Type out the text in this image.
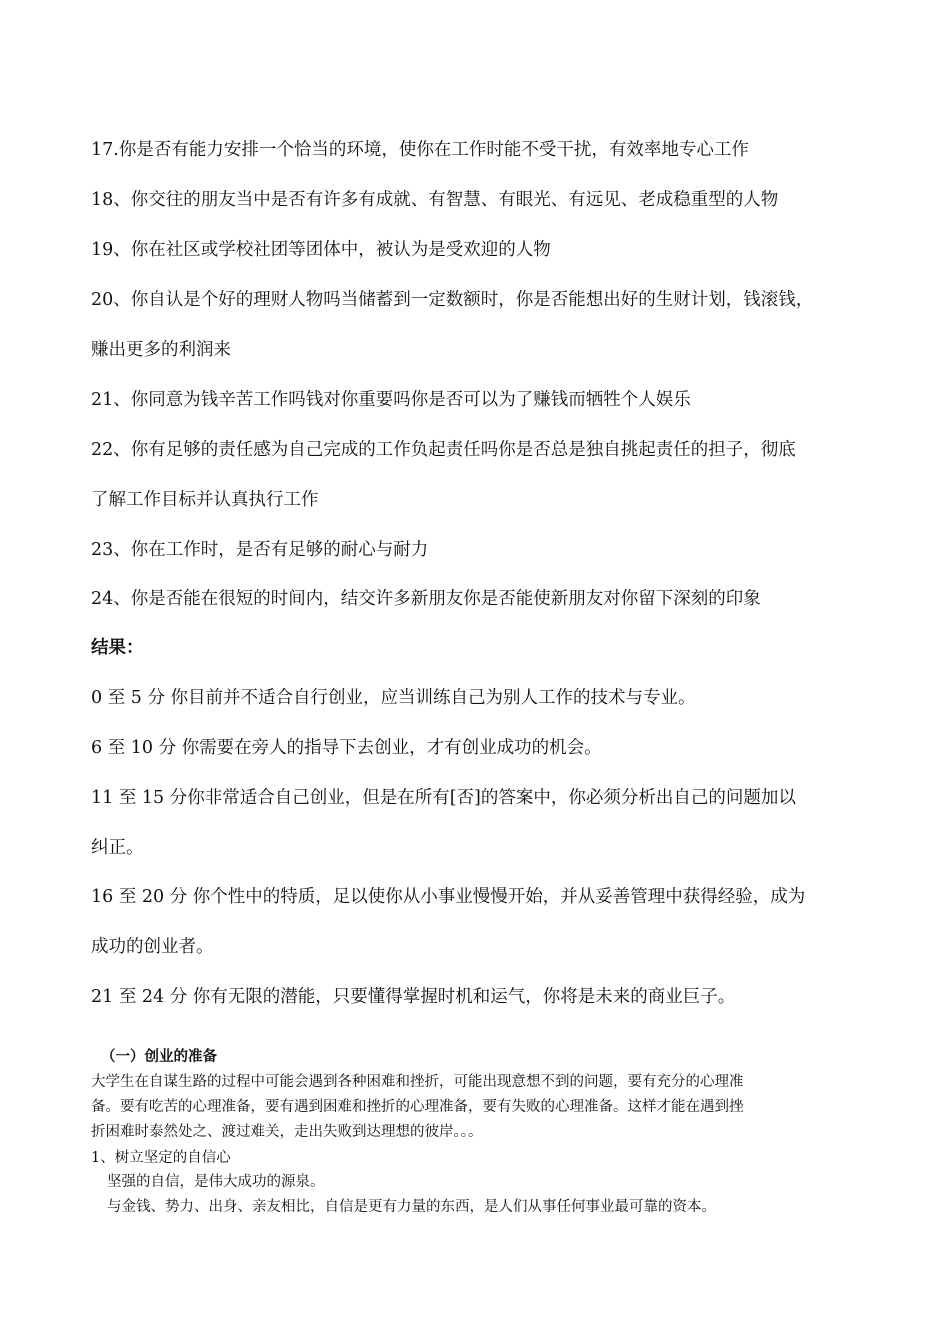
17.你是否有能力安排一个恰当的环境，使你在工作时能不受干扰，有效率地专心工作

18、你交往的朋友当中是否有许多有成就、有智慧、有眼光、有远见、老成稳重型的人物

19、你在社区或学校社团等团体中，被认为是受欢迎的人物

20、你自认是个好的理财人物吗当储蓄到一定数额时，你是否能想出好的生财计划，钱滚钱，

赚出更多的利润来

21、你同意为钱辛苦工作吗钱对你重要吗你是否可以为了赚钱而牺牲个人娱乐

22、你有足够的责任感为自己完成的工作负起责任吗你是否总是独自挑起责任的担子，彻底

了解工作目标并认真执行工作

23、你在工作时，是否有足够的耐心与耐力

24、你是否能在很短的时间内，结交许多新朋友你是否能使新朋友对你留下深刻的印象

结果：

0 至 5 分 你目前并不适合自行创业，应当训练自己为别人工作的技术与专业。

6 至 10 分 你需要在旁人的指导下去创业，才有创业成功的机会。

11 至 15 分你非常适合自己创业，但是在所有[否]的答案中，你必须分析出自己的问题加以

纠正。

16 至 20 分 你个性中的特质，足以使你从小事业慢慢开始，并从妥善管理中获得经验，成为

成功的创业者。

21 至 24 分 你有无限的潜能，只要懂得掌握时机和运气，你将是未来的商业巨子。

（一）创业的准备

大学生在自谋生路的过程中可能会遇到各种困难和挫折，可能出现意想不到的问题，要有充分的心理准

备。要有吃苦的心理准备，要有遇到困难和挫折的心理准备，要有失败的心理准备。这样才能在遇到挫

折困难时泰然处之、渡过难关，走出失败到达理想的彼岸。。。

1、树立坚定的自信心

坚强的自信，是伟大成功的源泉。

与金钱、势力、出身、亲友相比，自信是更有力量的东西，是人们从事任何事业最可靠的资本。
